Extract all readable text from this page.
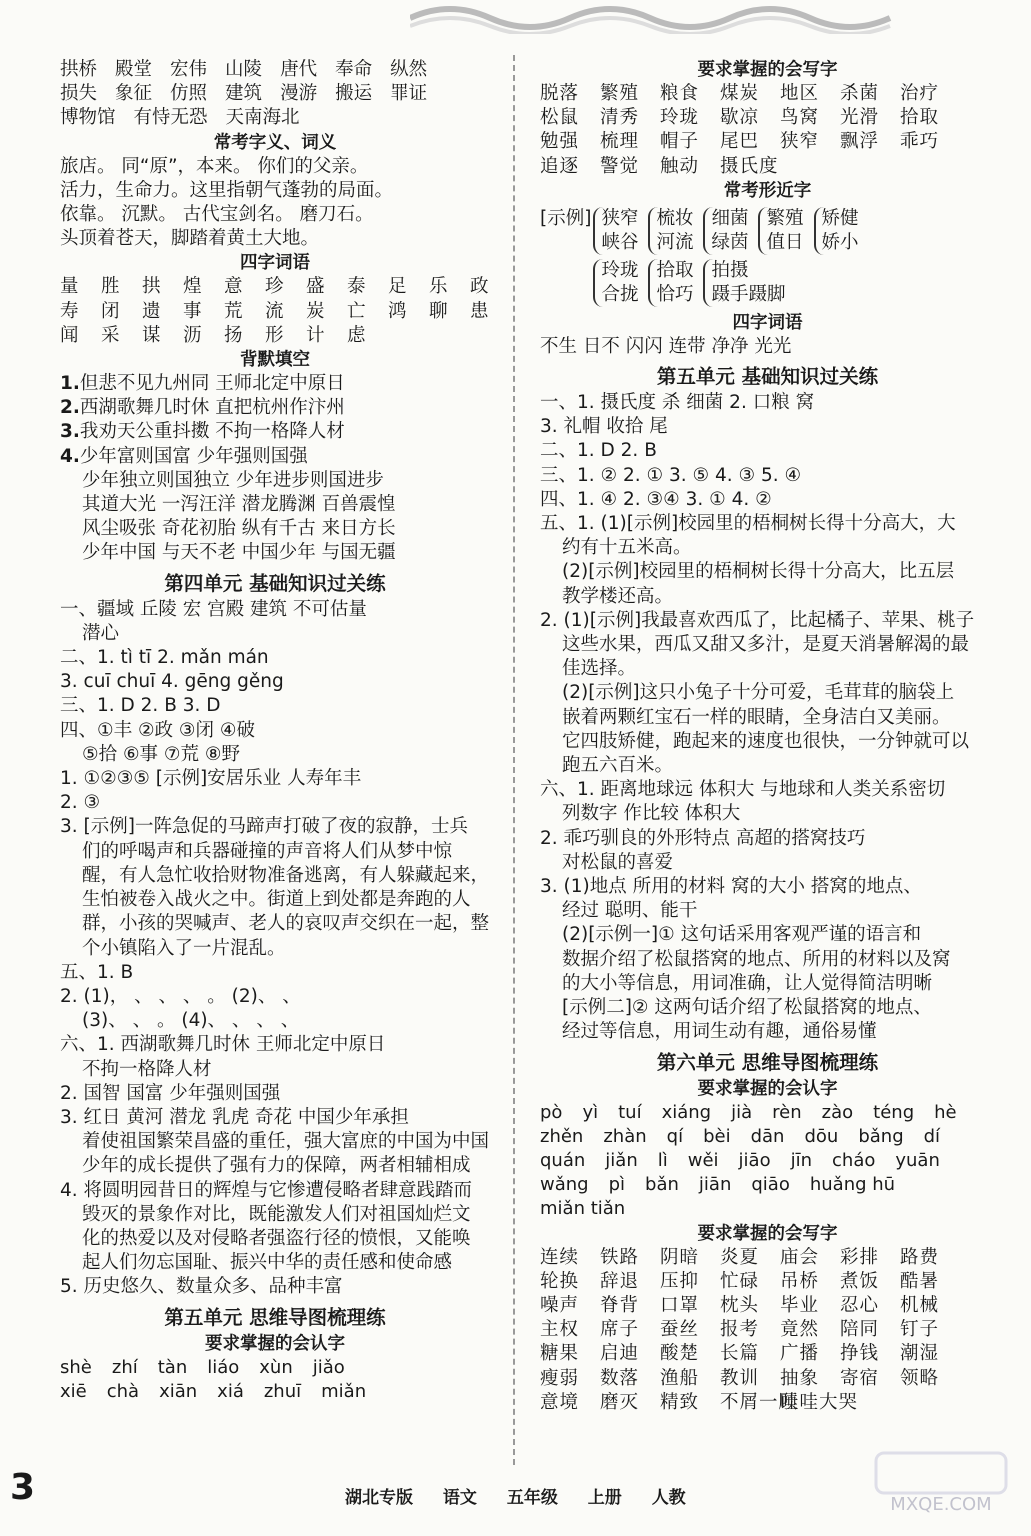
拱桥 殿堂 宏伟 山陵 唐代 奉命 纵然
损失 象征 仿照 建筑 漫游 搬运 罪证
博物馆 有恃无恐 天南海北
常考字义、词义
旅店。 同“原”，本来。 你们的父亲。
活力，生命力。这里指朝气蓬勃的局面。
依靠。 沉默。 古代宝剑名。 磨刀石。
头顶着苍天，脚踏着黄土大地。
四字词语
量 胜 拱 煌 意 珍 盛 泰 足 乐 政
寿 闭 遗 事 荒 流 炭 亡 鸿 聊 患
闻 采 谋 沥 扬 形 计 虑
背默填空
1.但悲不见九州同 王师北定中原日
2.西湖歌舞几时休 直把杭州作汴州
3.我劝天公重抖擞 不拘一格降人材
4.少年富则国富 少年强则国强
少年独立则国独立 少年进步则国进步
其道大光 一泻汪洋 潜龙腾渊 百兽震惶
风尘吸张 奇花初胎 纵有千古 来日方长
少年中国 与天不老 中国少年 与国无疆
第四单元 基础知识过关练
一、疆域 丘陵 宏 宫殿 建筑 不可估量
潜心
二、1. tì tī 2. mǎn mán
3. cuī chuī 4. gēng gěng
三、1. D 2. B 3. D
四、①丰 ②政 ③闭 ④破
⑤拾 ⑥事 ⑦荒 ⑧野
1. ①②③⑤ [示例]安居乐业 人寿年丰
2. ③
3. [示例]一阵急促的马蹄声打破了夜的寂静，士兵
们的呼喝声和兵器碰撞的声音将人们从梦中惊
醒，有人急忙收拾财物准备逃离，有人躲藏起来，
生怕被卷入战火之中。街道上到处都是奔跑的人
群，小孩的哭喊声、老人的哀叹声交织在一起，整
个小镇陷入了一片混乱。
五、1. B
2. (1)， 、 、 、 。 (2)、 、
(3)、 、 。 (4)、 、 、 、
六、1. 西湖歌舞几时休 王师北定中原日
不拘一格降人材
2. 国智 国富 少年强则国强
3. 红日 黄河 潜龙 乳虎 奇花 中国少年承担
着使祖国繁荣昌盛的重任，强大富庶的中国为中国
少年的成长提供了强有力的保障，两者相辅相成
4. 将圆明园昔日的辉煌与它惨遭侵略者肆意践踏而
毁灭的景象作对比，既能激发人们对祖国灿烂文
化的热爱以及对侵略者强盗行径的愤恨，又能唤
起人们勿忘国耻、振兴中华的责任感和使命感
5. 历史悠久、数量众多、品种丰富
第五单元 思维导图梳理练
要求掌握的会认字
shè zhí tàn liáo xùn jiǎo
xiē chà xiān xiá zhuī miǎn
要求掌握的会写字
脱落 繁殖 粮食 煤炭 地区 杀菌 治疗
松鼠 清秀 玲珑 歇凉 鸟窝 光滑 拾取
勉强 梳理 帽子 尾巴 狭窄 飘浮 乖巧
追逐 警觉 触动 摄氏度
常考形近字
[示例] 狭窄
峡谷
梳妆
河流
细菌
绿茵
繁殖
值日
矫健
娇小
玲珑
合拢
拾取
恰巧
拍摄
蹑手蹑脚
四字词语
不生 日不 闪闪 连带 净净 光光
第五单元 基础知识过关练
一、1. 摄氏度 杀 细菌 2. 口粮 窝
3. 礼帽 收拾 尾
二、1. D 2. B
三、1. ② 2. ① 3. ⑤ 4. ③ 5. ④
四、1. ④ 2. ③④ 3. ① 4. ②
五、1. (1)[示例]校园里的梧桐树长得十分高大，大
约有十五米高。
(2)[示例]校园里的梧桐树长得十分高大，比五层
教学楼还高。
2. (1)[示例]我最喜欢西瓜了，比起橘子、苹果、桃子
这些水果，西瓜又甜又多汁，是夏天消暑解渴的最
佳选择。
(2)[示例]这只小兔子十分可爱，毛茸茸的脑袋上
嵌着两颗红宝石一样的眼睛，全身洁白又美丽。
它四肢矫健，跑起来的速度也很快，一分钟就可以
跑五六百米。
六、1. 距离地球远 体积大 与地球和人类关系密切
列数字 作比较 体积大
2. 乖巧驯良的外形特点 高超的搭窝技巧
对松鼠的喜爱
3. (1)地点 所用的材料 窝的大小 搭窝的地点、
经过 聪明、能干
(2)[示例一]① 这句话采用客观严谨的语言和
数据介绍了松鼠搭窝的地点、所用的材料以及窝
的大小等信息，用词准确，让人觉得简洁明晰
[示例二]② 这两句话介绍了松鼠搭窝的地点、
经过等信息，用词生动有趣，通俗易懂
第六单元 思维导图梳理练
要求掌握的会认字
pò yì tuí xiáng jià rèn zào téng hè
zhěn zhàn qí bèi dān dōu bǎng dí
quán jiǎn lì wěi jiāo jīn cháo yuān
wǎng pì bǎn jiān qiāo huǎng hū
miǎn tiǎn
要求掌握的会写字
连续 铁路 阴暗 炎夏 庙会 彩排 路费
轮换 辞退 压抑 忙碌 吊桥 煮饭 酷暑
噪声 脊背 口罩 枕头 毕业 忍心 机械
主权 席子 蚕丝 报考 竟然 陪同 钉子
糖果 启迪 酸楚 长篇 广播 挣钱 潮湿
瘦弱 数落 渔船 教训 抽象 寄宿 领略
意境 磨灭 精致 不屑一顾哇哇大哭
3	湖北专版 语文 五年级 上册 人教	MXQE.COM
